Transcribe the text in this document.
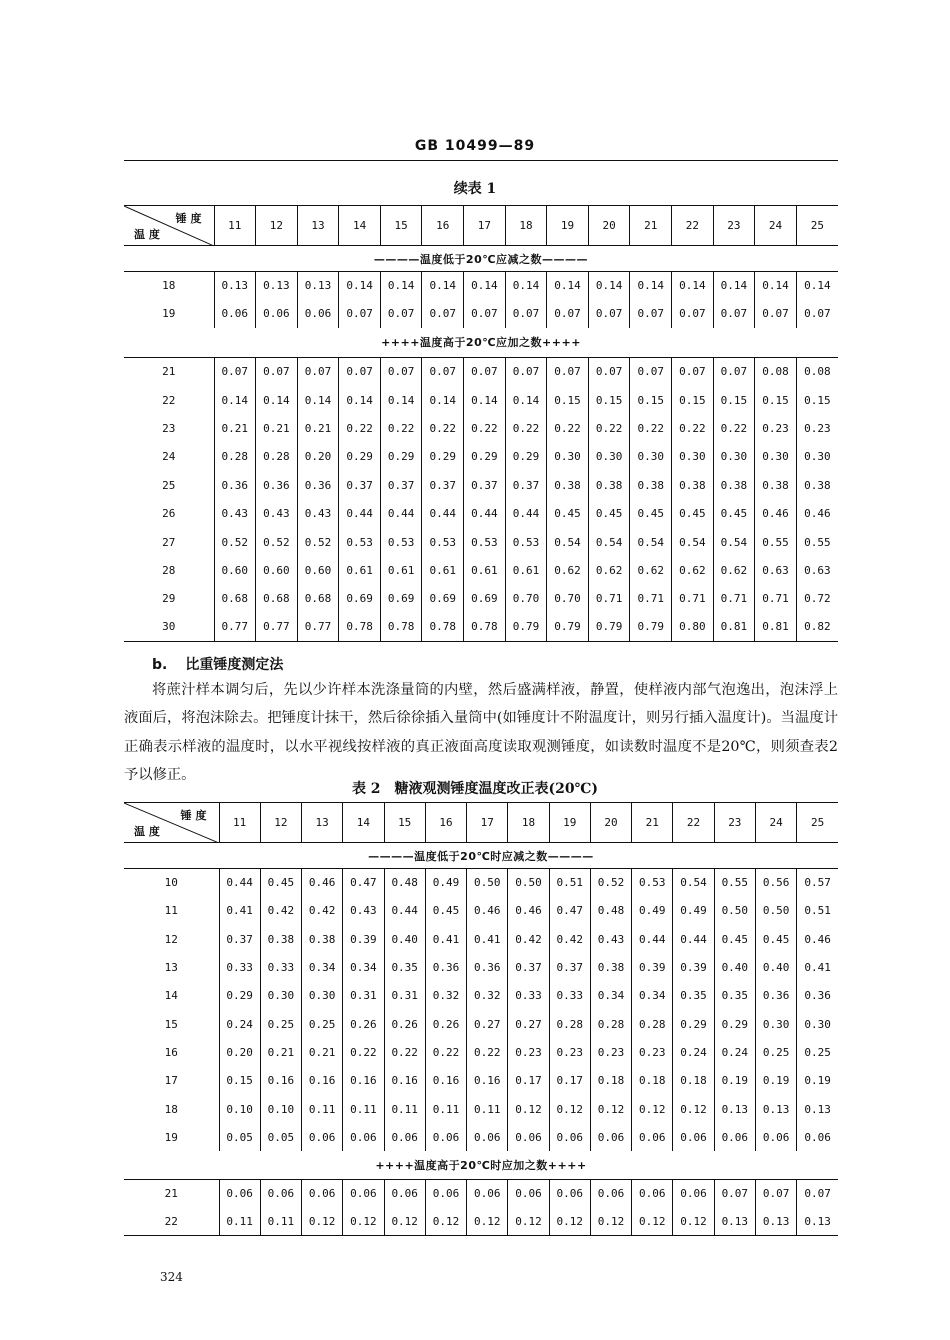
GB 10499—89
续表 1
锤 度
温 度	11	12	13	14	15	16	17	18	19	20	21	22	23	24	25
————温度低于20℃应减之数————															
18	0.13	0.13	0.13	0.14	0.14	0.14	0.14	0.14	0.14	0.14	0.14	0.14	0.14	0.14	0.14
19	0.06	0.06	0.06	0.07	0.07	0.07	0.07	0.07	0.07	0.07	0.07	0.07	0.07	0.07	0.07
++++温度高于20℃应加之数++++															
21	0.07	0.07	0.07	0.07	0.07	0.07	0.07	0.07	0.07	0.07	0.07	0.07	0.07	0.08	0.08
22	0.14	0.14	0.14	0.14	0.14	0.14	0.14	0.14	0.15	0.15	0.15	0.15	0.15	0.15	0.15
23	0.21	0.21	0.21	0.22	0.22	0.22	0.22	0.22	0.22	0.22	0.22	0.22	0.22	0.23	0.23
24	0.28	0.28	0.20	0.29	0.29	0.29	0.29	0.29	0.30	0.30	0.30	0.30	0.30	0.30	0.30
25	0.36	0.36	0.36	0.37	0.37	0.37	0.37	0.37	0.38	0.38	0.38	0.38	0.38	0.38	0.38
26	0.43	0.43	0.43	0.44	0.44	0.44	0.44	0.44	0.45	0.45	0.45	0.45	0.45	0.46	0.46
27	0.52	0.52	0.52	0.53	0.53	0.53	0.53	0.53	0.54	0.54	0.54	0.54	0.54	0.55	0.55
28	0.60	0.60	0.60	0.61	0.61	0.61	0.61	0.61	0.62	0.62	0.62	0.62	0.62	0.63	0.63
29	0.68	0.68	0.68	0.69	0.69	0.69	0.69	0.70	0.70	0.71	0.71	0.71	0.71	0.71	0.72
30	0.77	0.77	0.77	0.78	0.78	0.78	0.78	0.79	0.79	0.79	0.79	0.80	0.81	0.81	0.82
b. 比重锤度测定法

将蔗汁样本调匀后，先以少许样本洗涤量筒的内壁，然后盛满样液，静置，使样液内部气泡逸出，泡沫浮上液面后，将泡沫除去。把锤度计抹干，然后徐徐插入量筒中(如锤度计不附温度计，则另行插入温度计)。当温度计正确表示样液的温度时，以水平视线按样液的真正液面高度读取观测锤度，如读数时温度不是20℃，则须查表2予以修正。

表 2　糖液观测锤度温度改正表(20℃)
锤 度
温 度	11	12	13	14	15	16	17	18	19	20	21	22	23	24	25
————温度低于20℃时应减之数————															
10	0.44	0.45	0.46	0.47	0.48	0.49	0.50	0.50	0.51	0.52	0.53	0.54	0.55	0.56	0.57
11	0.41	0.42	0.42	0.43	0.44	0.45	0.46	0.46	0.47	0.48	0.49	0.49	0.50	0.50	0.51
12	0.37	0.38	0.38	0.39	0.40	0.41	0.41	0.42	0.42	0.43	0.44	0.44	0.45	0.45	0.46
13	0.33	0.33	0.34	0.34	0.35	0.36	0.36	0.37	0.37	0.38	0.39	0.39	0.40	0.40	0.41
14	0.29	0.30	0.30	0.31	0.31	0.32	0.32	0.33	0.33	0.34	0.34	0.35	0.35	0.36	0.36
15	0.24	0.25	0.25	0.26	0.26	0.26	0.27	0.27	0.28	0.28	0.28	0.29	0.29	0.30	0.30
16	0.20	0.21	0.21	0.22	0.22	0.22	0.22	0.23	0.23	0.23	0.23	0.24	0.24	0.25	0.25
17	0.15	0.16	0.16	0.16	0.16	0.16	0.16	0.17	0.17	0.18	0.18	0.18	0.19	0.19	0.19
18	0.10	0.10	0.11	0.11	0.11	0.11	0.11	0.12	0.12	0.12	0.12	0.12	0.13	0.13	0.13
19	0.05	0.05	0.06	0.06	0.06	0.06	0.06	0.06	0.06	0.06	0.06	0.06	0.06	0.06	0.06
++++温度高于20℃时应加之数++++															
21	0.06	0.06	0.06	0.06	0.06	0.06	0.06	0.06	0.06	0.06	0.06	0.06	0.07	0.07	0.07
22	0.11	0.11	0.12	0.12	0.12	0.12	0.12	0.12	0.12	0.12	0.12	0.12	0.13	0.13	0.13
324
